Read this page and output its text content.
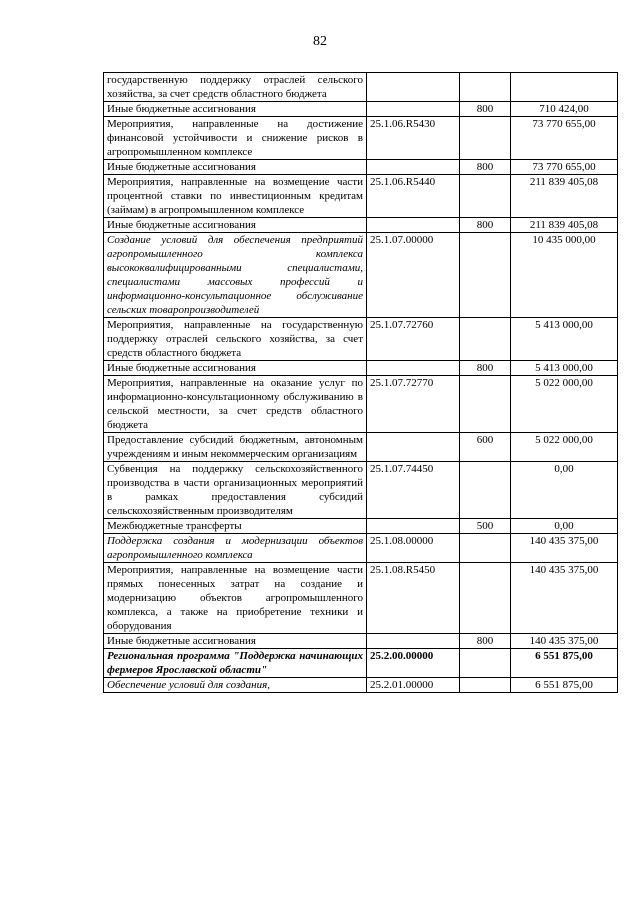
82
государственную поддержку отраслей сельского хозяйства, за счет средств областного бюджета			
Иные бюджетные ассигнования		800	710 424,00
Мероприятия, направленные на достижение финансовой устойчивости и снижение рисков в агропромышленном комплексе	25.1.06.R5430		73 770 655,00
Иные бюджетные ассигнования		800	73 770 655,00
Мероприятия, направленные на возмещение части процентной ставки по инвестиционным кредитам (займам) в агропромышленном комплексе	25.1.06.R5440		211 839 405,08
Иные бюджетные ассигнования		800	211 839 405,08
Создание условий для обеспечения предприятий агропромышленного комплекса высококвалифицированными специалистами, специалистами массовых профессий и информационно-консультационное обслуживание сельских товаропроизводителей	25.1.07.00000		10 435 000,00
Мероприятия, направленные на государственную поддержку отраслей сельского хозяйства, за счет средств областного бюджета	25.1.07.72760		5 413 000,00
Иные бюджетные ассигнования		800	5 413 000,00
Мероприятия, направленные на оказание услуг по информационно-консультационному обслуживанию в сельской местности, за счет средств областного бюджета	25.1.07.72770		5 022 000,00
Предоставление субсидий бюджетным, автономным учреждениям и иным некоммерческим организациям		600	5 022 000,00
Субвенция на поддержку сельскохозяйственного производства в части организационных мероприятий в рамках предоставления субсидий сельскохозяйственным производителям	25.1.07.74450		0,00
Межбюджетные трансферты		500	0,00
Поддержка создания и модернизации объектов агропромышленного комплекса	25.1.08.00000		140 435 375,00
Мероприятия, направленные на возмещение части прямых понесенных затрат на создание и модернизацию объектов агропромышленного комплекса, а также на приобретение техники и оборудования	25.1.08.R5450		140 435 375,00
Иные бюджетные ассигнования		800	140 435 375,00
Региональная программа "Поддержка начинающих фермеров Ярославской области"	25.2.00.00000		6 551 875,00
Обеспечение условий для создания,	25.2.01.00000		6 551 875,00
